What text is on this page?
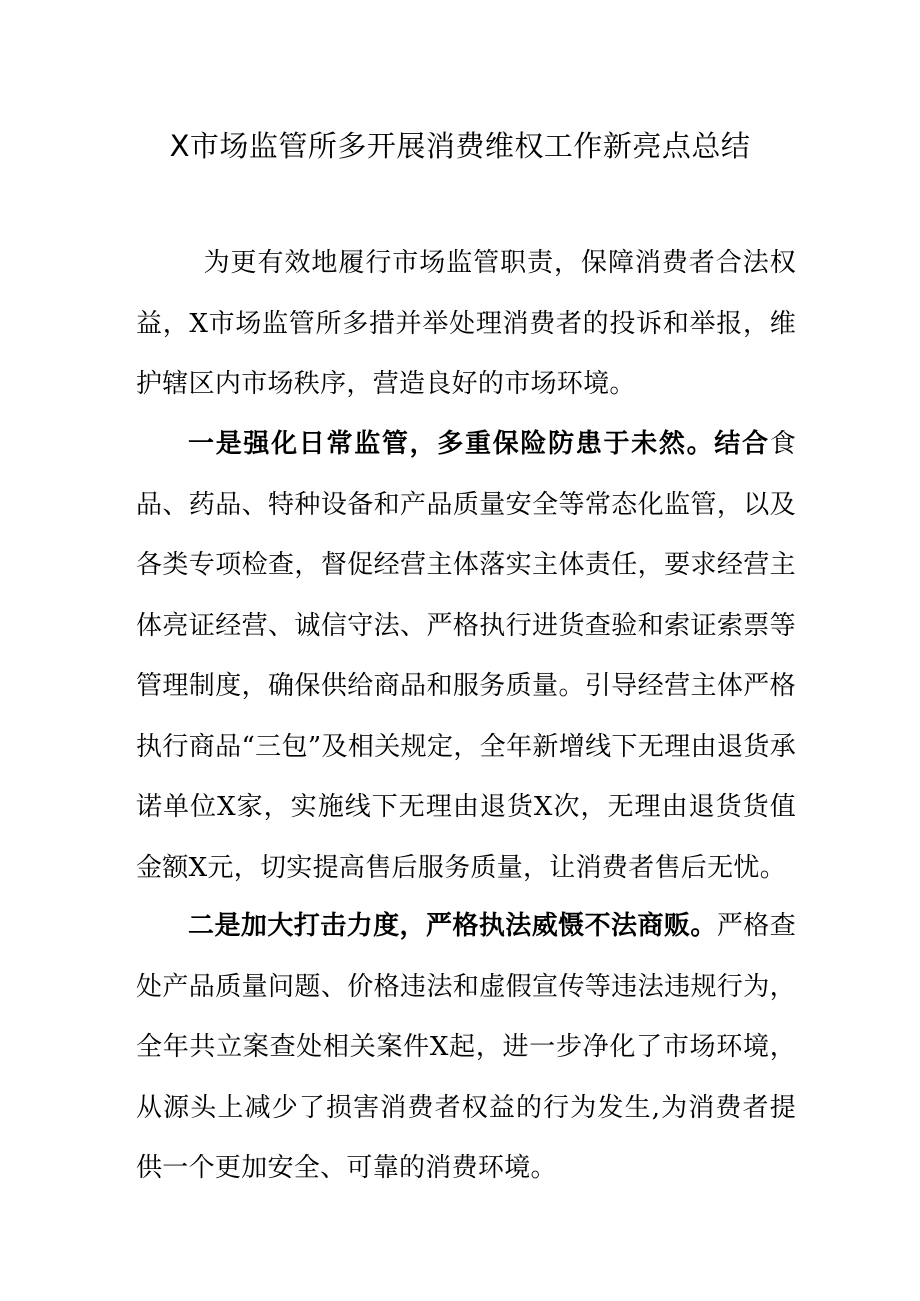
X市场监管所多开展消费维权工作新亮点总结

为更有效地履行市场监管职责，保障消费者合法权益，X市场监管所多措并举处理消费者的投诉和举报，维护辖区内市场秩序，营造良好的市场环境。

一是强化日常监管，多重保险防患于未然。结合食品、药品、特种设备和产品质量安全等常态化监管，以及各类专项检查，督促经营主体落实主体责任，要求经营主体亮证经营、诚信守法、严格执行进货查验和索证索票等管理制度，确保供给商品和服务质量。引导经营主体严格执行商品“三包”及相关规定，全年新增线下无理由退货承诺单位X家，实施线下无理由退货X次，无理由退货货值金额X元，切实提高售后服务质量，让消费者售后无忧。

二是加大打击力度，严格执法威慑不法商贩。严格查处产品质量问题、价格违法和虚假宣传等违法违规行为，全年共立案查处相关案件X起，进一步净化了市场环境，从源头上减少了损害消费者权益的行为发生,为消费者提供一个更加安全、可靠的消费环境。
